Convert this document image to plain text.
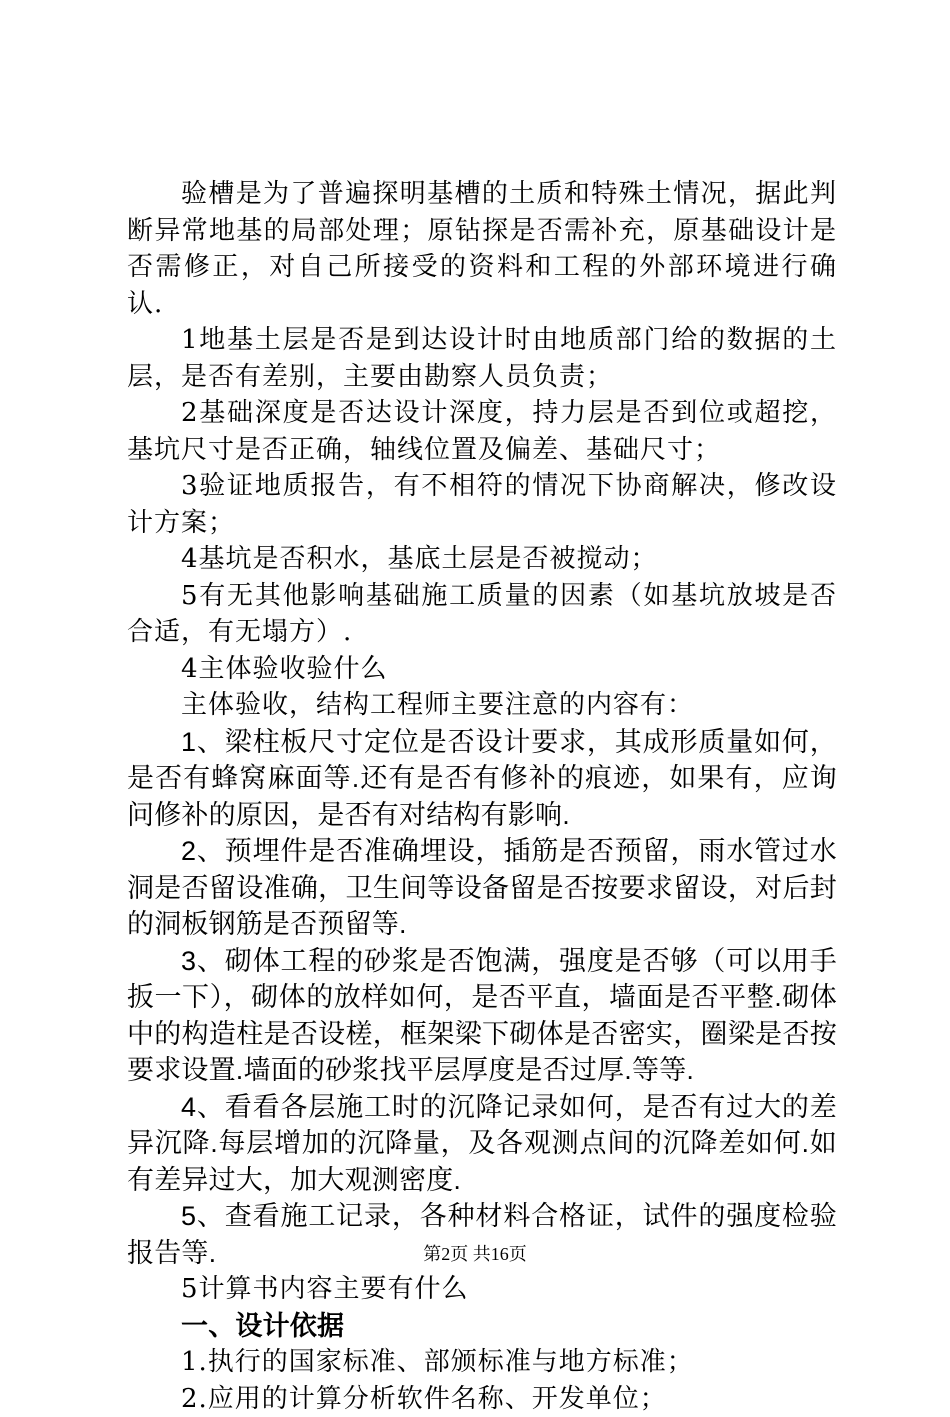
验槽是为了普遍探明基槽的土质和特殊土情况，据此判断异常地基的局部处理；原钻探是否需补充，原基础设计是否需修正，对自己所接受的资料和工程的外部环境进行确认.

1地基土层是否是到达设计时由地质部门给的数据的土层，是否有差别，主要由勘察人员负责；

2基础深度是否达设计深度，持力层是否到位或超挖，基坑尺寸是否正确，轴线位置及偏差、基础尺寸；

3验证地质报告，有不相符的情况下协商解决，修改设计方案；

4基坑是否积水，基底土层是否被搅动；

5有无其他影响基础施工质量的因素（如基坑放坡是否合适，有无塌方）.

4主体验收验什么

主体验收，结构工程师主要注意的内容有：

1、梁柱板尺寸定位是否设计要求，其成形质量如何，是否有蜂窝麻面等.还有是否有修补的痕迹，如果有，应询问修补的原因，是否有对结构有影响.

2、预埋件是否准确埋设，插筋是否预留，雨水管过水洞是否留设准确，卫生间等设备留是否按要求留设，对后封的洞板钢筋是否预留等.

3、砌体工程的砂浆是否饱满，强度是否够（可以用手扳一下），砌体的放样如何，是否平直，墙面是否平整.砌体中的构造柱是否设槎，框架梁下砌体是否密实，圈梁是否按要求设置.墙面的砂浆找平层厚度是否过厚.等等.

4、看看各层施工时的沉降记录如何，是否有过大的差异沉降.每层增加的沉降量，及各观测点间的沉降差如何.如有差异过大，加大观测密度.

5、查看施工记录，各种材料合格证，试件的强度检验报告等.

5计算书内容主要有什么

一、设计依据

1.执行的国家标准、部颁标准与地方标准；

2.应用的计算分析软件名称、开发单位；

第2页 共16页
